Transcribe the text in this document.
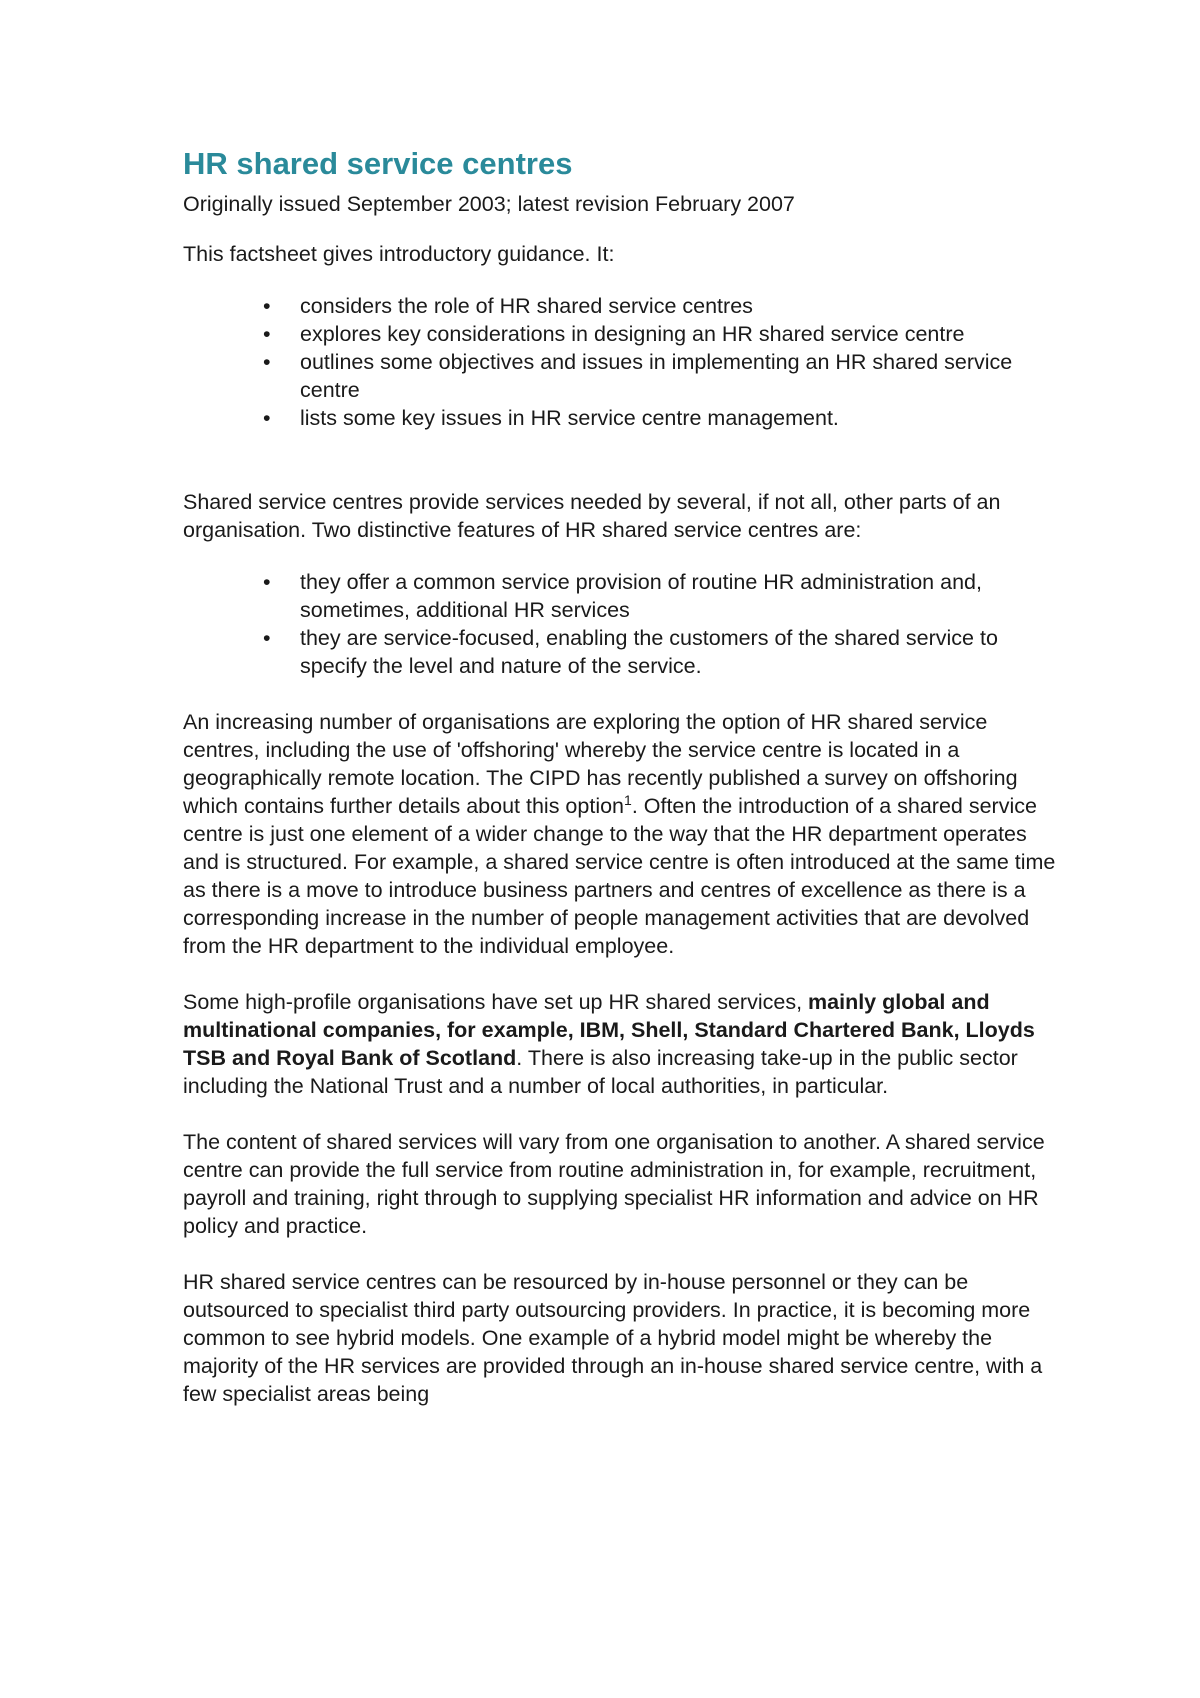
HR shared service centres

Originally issued September 2003; latest revision February 2007

This factsheet gives introductory guidance. It:

• considers the role of HR shared service centres
• explores key considerations in designing an HR shared service centre
• outlines some objectives and issues in implementing an HR shared service centre
• lists some key issues in HR service centre management.

Shared service centres provide services needed by several, if not all, other parts of an organisation. Two distinctive features of HR shared service centres are:

• they offer a common service provision of routine HR administration and, sometimes, additional HR services
• they are service-focused, enabling the customers of the shared service to specify the level and nature of the service.

An increasing number of organisations are exploring the option of HR shared service centres, including the use of 'offshoring' whereby the service centre is located in a geographically remote location. The CIPD has recently published a survey on offshoring which contains further details about this option$^1$. Often the introduction of a shared service centre is just one element of a wider change to the way that the HR department operates and is structured. For example, a shared service centre is often introduced at the same time as there is a move to introduce business partners and centres of excellence as there is a corresponding increase in the number of people management activities that are devolved from the HR department to the individual employee.

Some high-profile organisations have set up HR shared services, mainly global and multinational companies, for example, IBM, Shell, Standard Chartered Bank, Lloyds TSB and Royal Bank of Scotland. There is also increasing take-up in the public sector including the National Trust and a number of local authorities, in particular.

The content of shared services will vary from one organisation to another. A shared service centre can provide the full service from routine administration in, for example, recruitment, payroll and training, right through to supplying specialist HR information and advice on HR policy and practice.

HR shared service centres can be resourced by in-house personnel or they can be outsourced to specialist third party outsourcing providers. In practice, it is becoming more common to see hybrid models. One example of a hybrid model might be whereby the majority of the HR services are provided through an in-house shared service centre, with a few specialist areas being
